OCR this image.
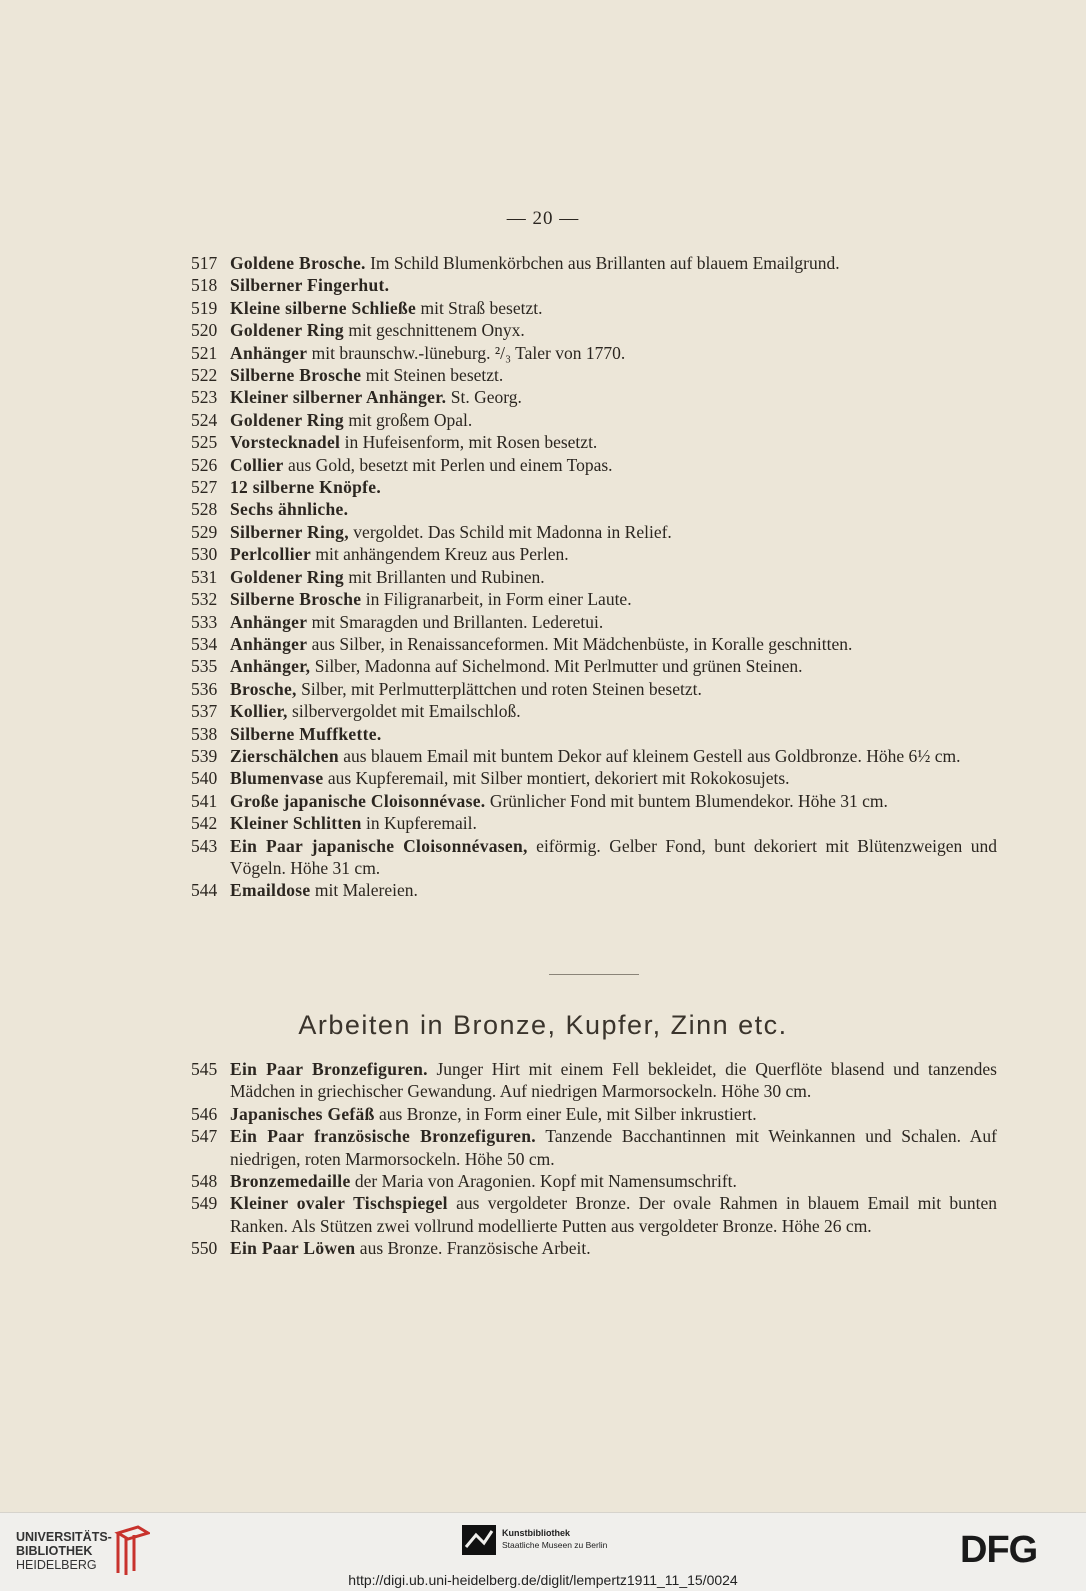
— 20 —
517 Goldene Brosche. Im Schild Blumenkörbchen aus Brillanten auf blauem Emailgrund.
518 Silberner Fingerhut.
519 Kleine silberne Schließe mit Straß besetzt.
520 Goldener Ring mit geschnittenem Onyx.
521 Anhänger mit braunschw.-lüneburg. ²/₃ Taler von 1770.
522 Silberne Brosche mit Steinen besetzt.
523 Kleiner silberner Anhänger. St. Georg.
524 Goldener Ring mit großem Opal.
525 Vorstecknadel in Hufeisenform, mit Rosen besetzt.
526 Collier aus Gold, besetzt mit Perlen und einem Topas.
527 12 silberne Knöpfe.
528 Sechs ähnliche.
529 Silberner Ring, vergoldet. Das Schild mit Madonna in Relief.
530 Perlcollier mit anhängendem Kreuz aus Perlen.
531 Goldener Ring mit Brillanten und Rubinen.
532 Silberne Brosche in Filigranarbeit, in Form einer Laute.
533 Anhänger mit Smaragden und Brillanten. Lederetui.
534 Anhänger aus Silber, in Renaissanceformen. Mit Mädchenbüste, in Koralle geschnitten.
535 Anhänger, Silber, Madonna auf Sichelmond. Mit Perlmutter und grünen Steinen.
536 Brosche, Silber, mit Perlmutterplättchen und roten Steinen besetzt.
537 Kollier, silbervergoldet mit Emailschloß.
538 Silberne Muffkette.
539 Zierschälchen aus blauem Email mit buntem Dekor auf kleinem Gestell aus Goldbronze. Höhe 6½ cm.
540 Blumenvase aus Kupferemail, mit Silber montiert, dekoriert mit Rokokosujets.
541 Große japanische Cloisonnévase. Grünlicher Fond mit buntem Blumendekor. Höhe 31 cm.
542 Kleiner Schlitten in Kupferemail.
543 Ein Paar japanische Cloisonnévasen, eiförmig. Gelber Fond, bunt dekoriert mit Blütenzweigen und Vögeln. Höhe 31 cm.
544 Emaildose mit Malereien.
Arbeiten in Bronze, Kupfer, Zinn etc.
545 Ein Paar Bronzefiguren. Junger Hirt mit einem Fell bekleidet, die Querflöte blasend und tanzendes Mädchen in griechischer Gewandung. Auf niedrigen Marmorsockeln. Höhe 30 cm.
546 Japanisches Gefäß aus Bronze, in Form einer Eule, mit Silber inkrustiert.
547 Ein Paar französische Bronzefiguren. Tanzende Bacchantinnen mit Weinkannen und Schalen. Auf niedrigen, roten Marmorsockeln. Höhe 50 cm.
548 Bronzemedaille der Maria von Aragonien. Kopf mit Namensumschrift.
549 Kleiner ovaler Tischspiegel aus vergoldeter Bronze. Der ovale Rahmen in blauem Email mit bunten Ranken. Als Stützen zwei vollrund modellierte Putten aus vergoldeter Bronze. Höhe 26 cm.
550 Ein Paar Löwen aus Bronze. Französische Arbeit.
UNIVERSITÄTS-
BIBLIOTHEK
HEIDELBERG
Kunstbibliothek
Staatliche Museen zu Berlin	DFG
http://digi.ub.uni-heidelberg.de/diglit/lempertz1911_11_15/0024
